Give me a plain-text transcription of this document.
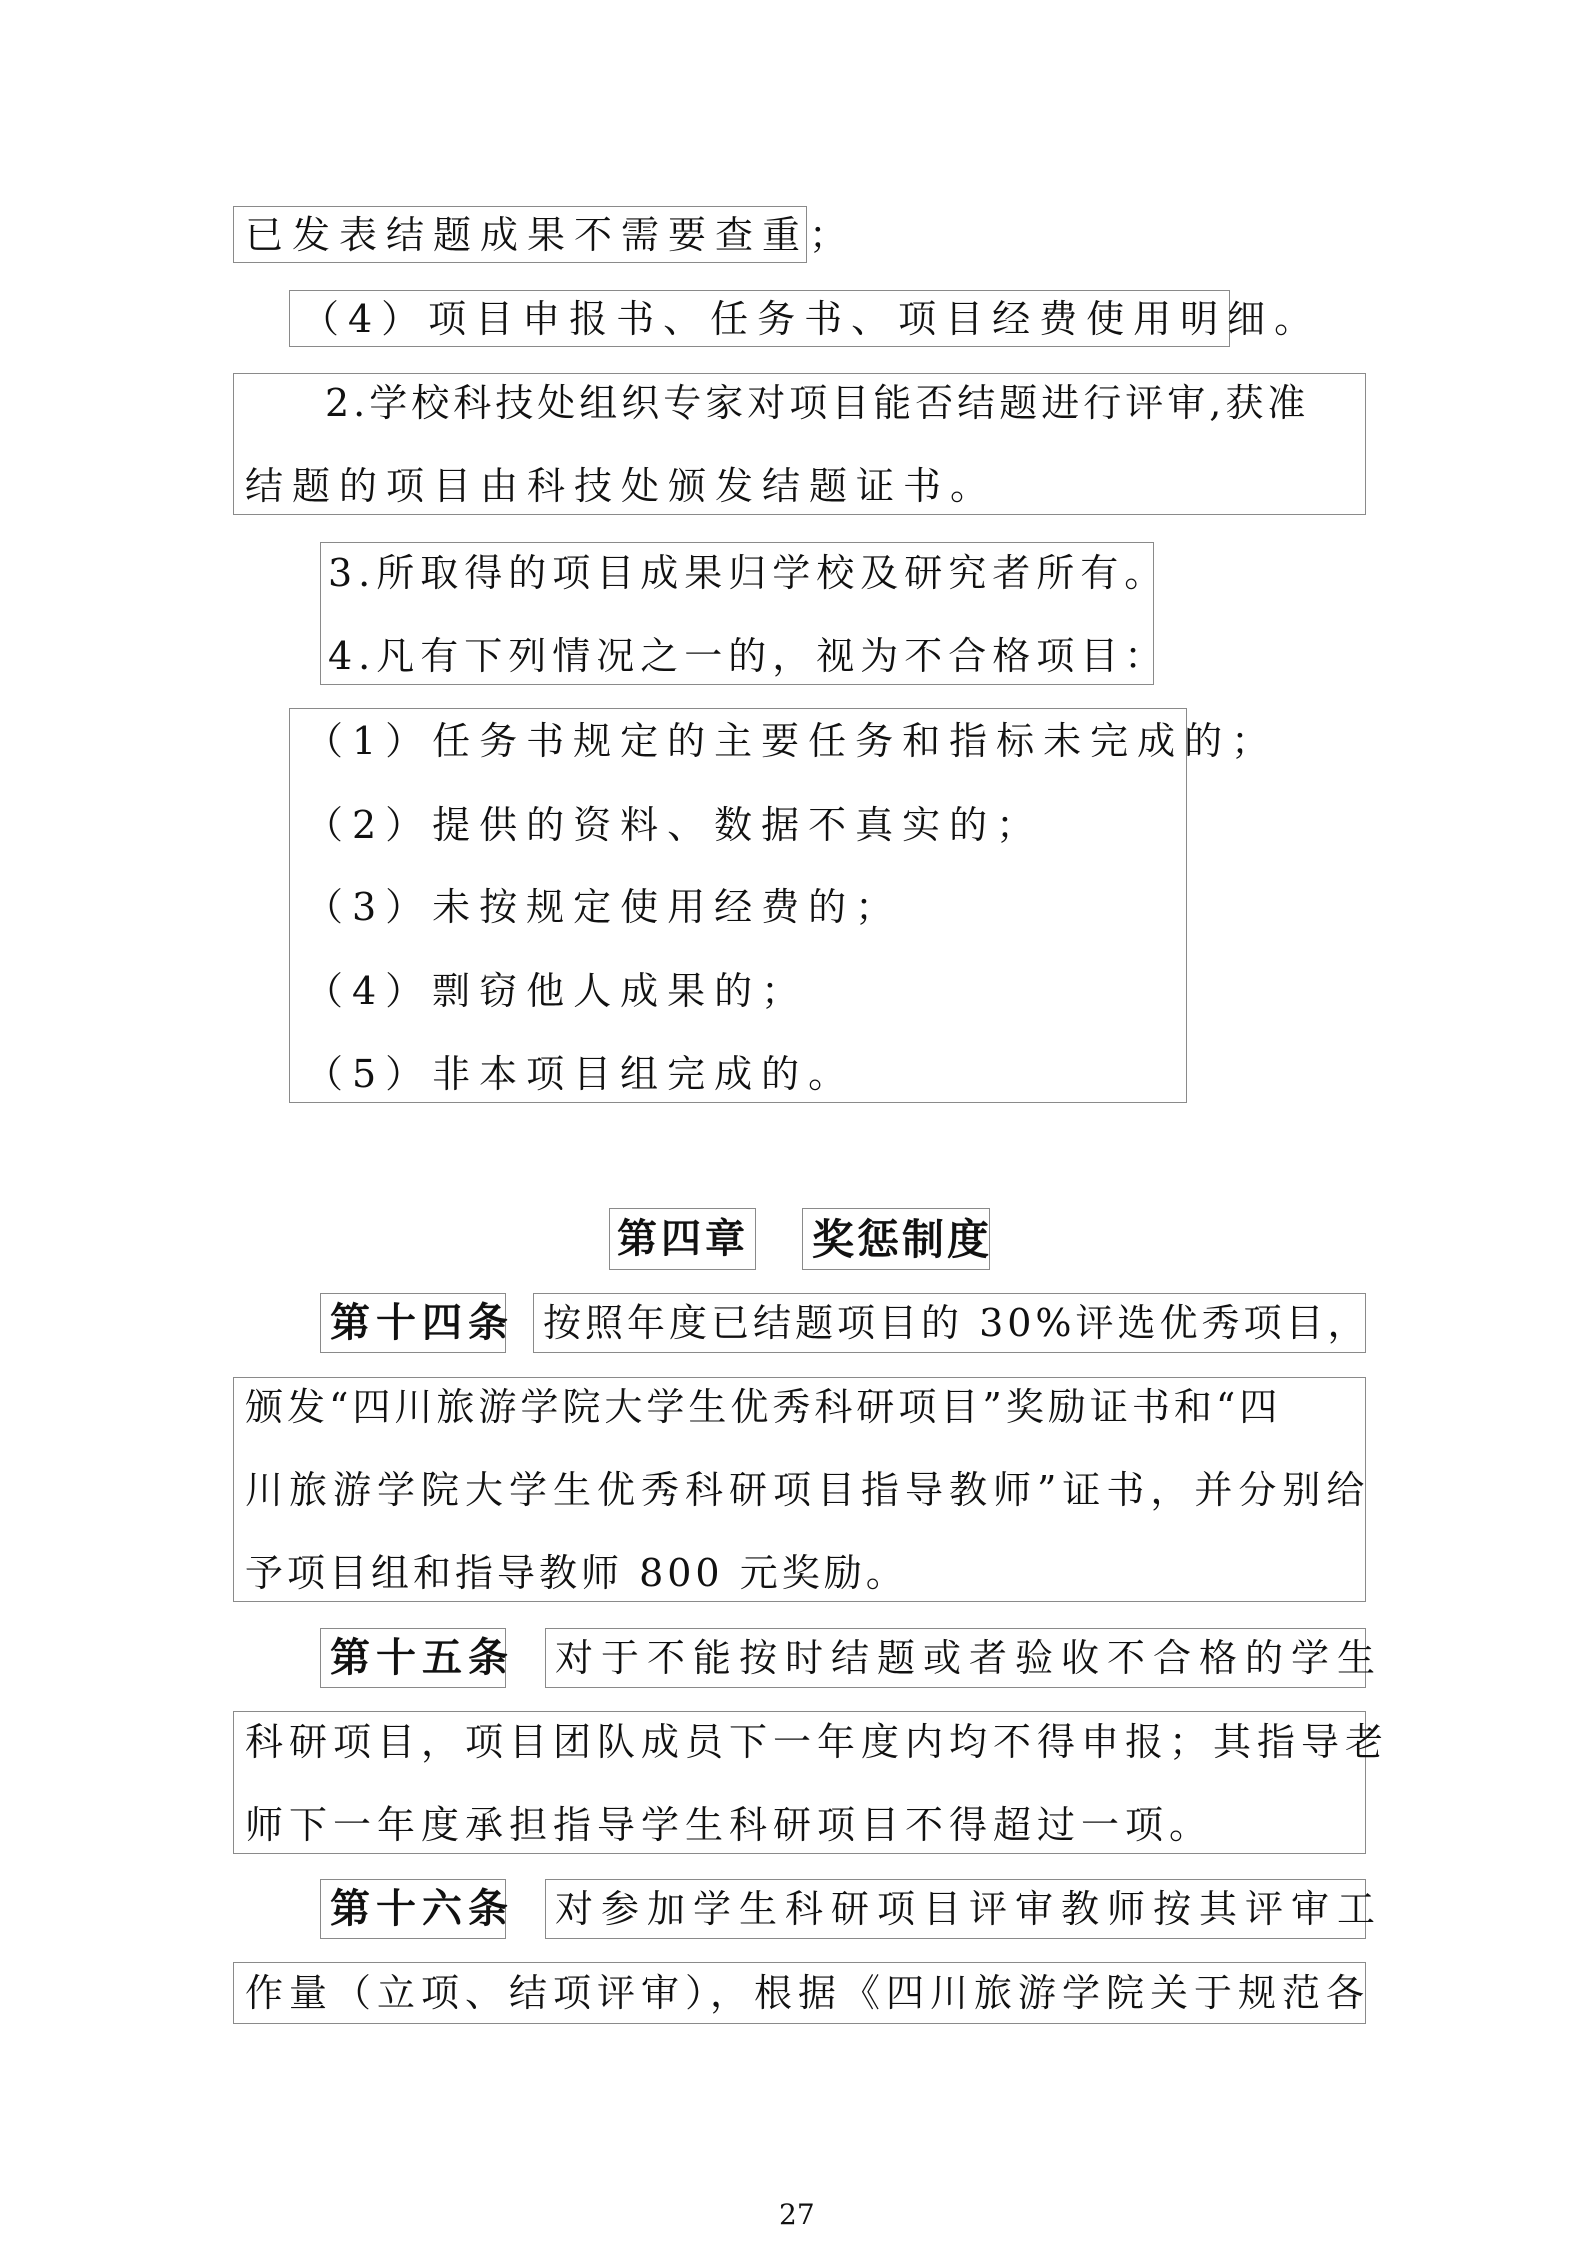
已发表结题成果不需要查重；
（4）项目申报书、任务书、项目经费使用明细。
2.学校科技处组织专家对项目能否结题进行评审,获准
结题的项目由科技处颁发结题证书。
3.所取得的项目成果归学校及研究者所有。
4.凡有下列情况之一的，视为不合格项目：
（1）任务书规定的主要任务和指标未完成的；
（2）提供的资料、数据不真实的；
（3）未按规定使用经费的；
（4）剽窃他人成果的；
（5）非本项目组完成的。
第四章 奖惩制度
第十四条 按照年度已结题项目的 30%评选优秀项目，
颁发“四川旅游学院大学生优秀科研项目”奖励证书和“四
川旅游学院大学生优秀科研项目指导教师”证书，并分别给
予项目组和指导教师 800 元奖励。
第十五条 对于不能按时结题或者验收不合格的学生
科研项目，项目团队成员下一年度内均不得申报；其指导老
师下一年度承担指导学生科研项目不得超过一项。
第十六条 对参加学生科研项目评审教师按其评审工
作量（立项、结项评审），根据《四川旅游学院关于规范各
27
